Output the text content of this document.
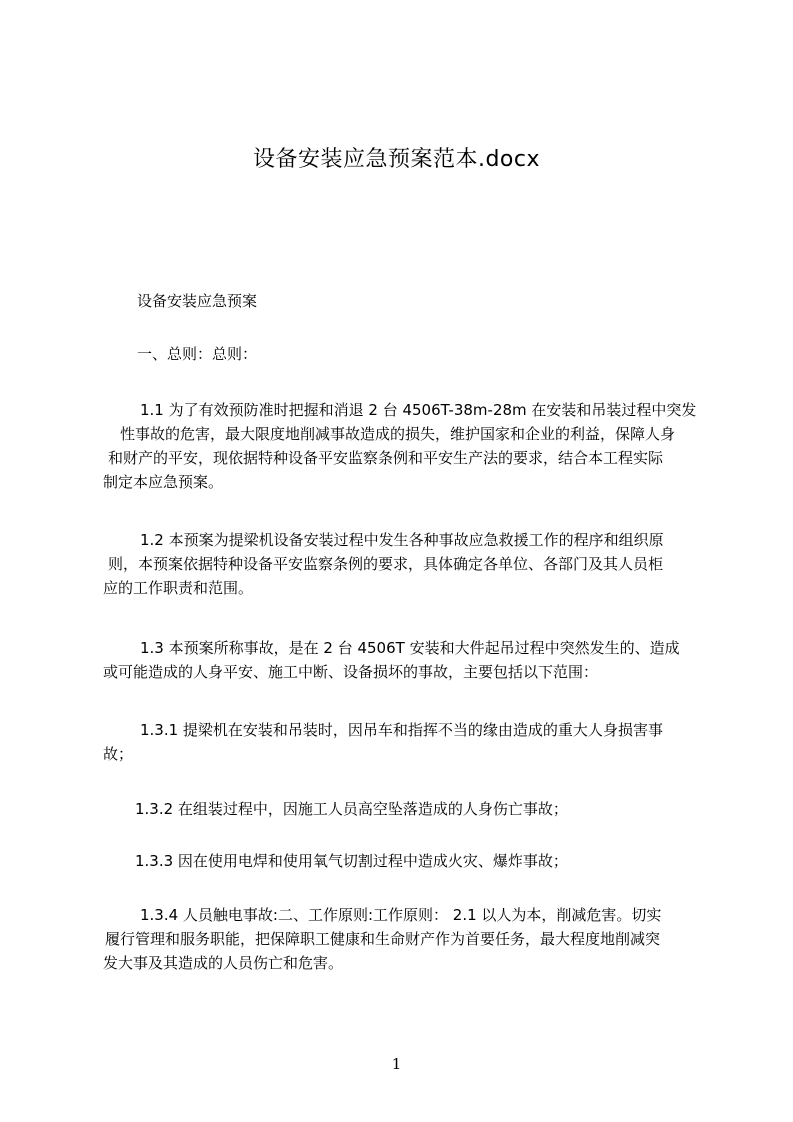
设备安装应急预案范本.docx
设备安装应急预案
一、总则：总则：
1.1 为了有效预防准时把握和消退 2 台 4506T-38m-28m 在安装和吊装过程中突发
性事故的危害，最大限度地削减事故造成的损失，维护国家和企业的利益，保障人身
和财产的平安，现依据特种设备平安监察条例和平安生产法的要求，结合本工程实际
制定本应急预案。
1.2 本预案为提梁机设备安装过程中发生各种事故应急救援工作的程序和组织原
则，本预案依据特种设备平安监察条例的要求，具体确定各单位、各部门及其人员柜
应的工作职责和范围。
1.3 本预案所称事故，是在 2 台 4506T 安装和大件起吊过程中突然发生的、造成
或可能造成的人身平安、施工中断、设备损坏的事故，主要包括以下范围：
1.3.1 提梁机在安装和吊装时，因吊车和指挥不当的缘由造成的重大人身损害事
故；
1.3.2 在组装过程中，因施工人员高空坠落造成的人身伤亡事故；
1.3.3 因在使用电焊和使用氧气切割过程中造成火灾、爆炸事故；
1.3.4 人员触电事故:二、工作原则:工作原则： 2.1 以人为本，削减危害。切实
履行管理和服务职能，把保障职工健康和生命财产作为首要任务，最大程度地削减突
发大事及其造成的人员伤亡和危害。
1
